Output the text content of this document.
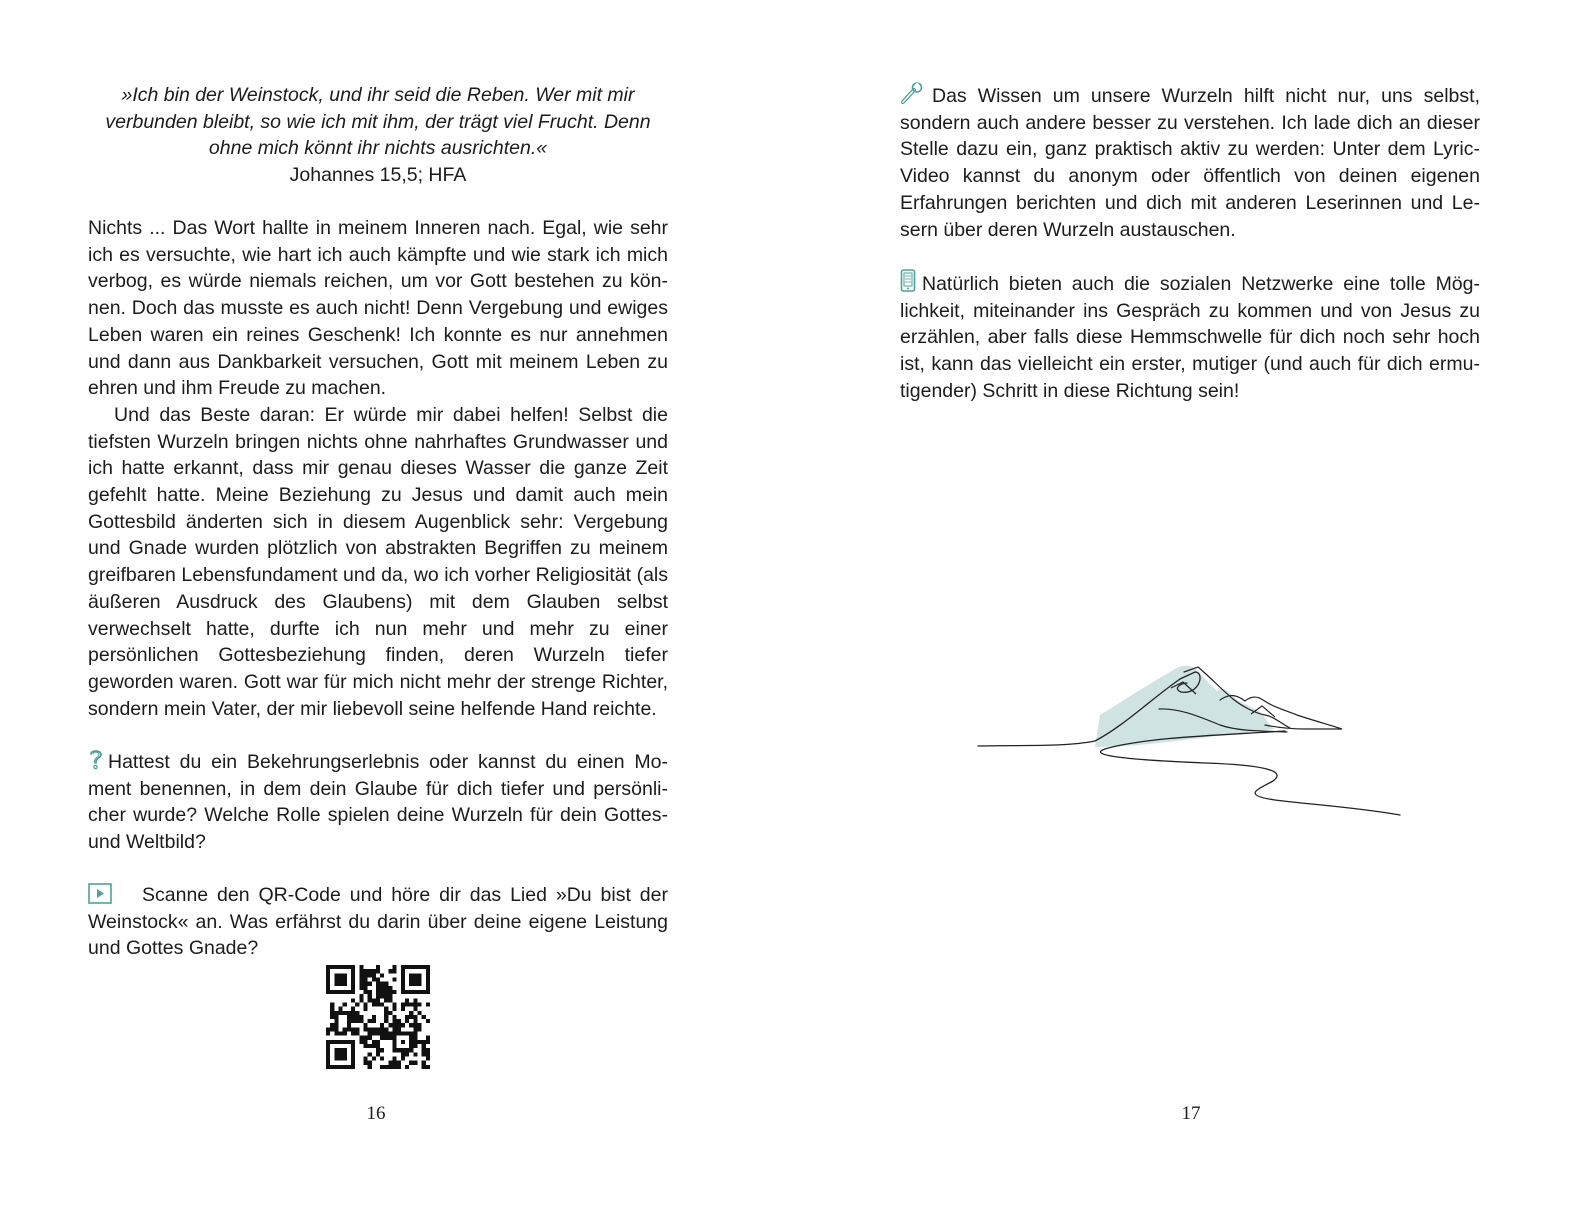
»Ich bin der Weinstock, und ihr seid die Reben. Wer mit mir verbunden bleibt, so wie ich mit ihm, der trägt viel Frucht. Denn ohne mich könnt ihr nichts ausrichten.«
Johannes 15,5; HFA

Nichts ... Das Wort hallte in meinem Inneren nach. Egal, wie sehr ich es versuchte, wie hart ich auch kämpfte und wie stark ich mich verbog, es würde niemals reichen, um vor Gott bestehen zu können. Doch das musste es auch nicht! Denn Vergebung und ewiges Leben waren ein reines Geschenk! Ich konnte es nur annehmen und dann aus Dankbarkeit versuchen, Gott mit meinem Leben zu ehren und ihm Freude zu machen.

Und das Beste daran: Er würde mir dabei helfen! Selbst die tiefsten Wurzeln bringen nichts ohne nahrhaftes Grundwasser und ich hatte erkannt, dass mir genau dieses Wasser die ganze Zeit gefehlt hatte. Meine Beziehung zu Jesus und damit auch mein Gottesbild änderten sich in diesem Augenblick sehr: Vergebung und Gnade wurden plötzlich von abstrakten Begriffen zu meinem greifbaren Lebensfundament und da, wo ich vorher Religiosität (als äußeren Ausdruck des Glaubens) mit dem Glauben selbst verwechselt hatte, durfte ich nun mehr und mehr zu einer persönlichen Gottesbeziehung finden, deren Wurzeln tiefer geworden waren. Gott war für mich nicht mehr der strenge Richter, sondern mein Vater, der mir liebevoll seine helfende Hand reichte.

Hattest du ein Bekehrungserlebnis oder kannst du einen Moment benennen, in dem dein Glaube für dich tiefer und persönlicher wurde? Welche Rolle spielen deine Wurzeln für dein Gottes- und Weltbild?

Scanne den QR-Code und höre dir das Lied »Du bist der Weinstock« an. Was erfährst du darin über deine eigene Leistung und Gottes Gnade?

16

Das Wissen um unsere Wurzeln hilft nicht nur, uns selbst, sondern auch andere besser zu verstehen. Ich lade dich an dieser Stelle dazu ein, ganz praktisch aktiv zu werden: Unter dem Lyric-Video kannst du anonym oder öffentlich von deinen eigenen Erfahrungen berichten und dich mit anderen Leserinnen und Lesern über deren Wurzeln austauschen.

Natürlich bieten auch die sozialen Netzwerke eine tolle Möglichkeit, miteinander ins Gespräch zu kommen und von Jesus zu erzählen, aber falls diese Hemmschwelle für dich noch sehr hoch ist, kann das vielleicht ein erster, mutiger (und auch für dich ermutigender) Schritt in diese Richtung sein!

17
